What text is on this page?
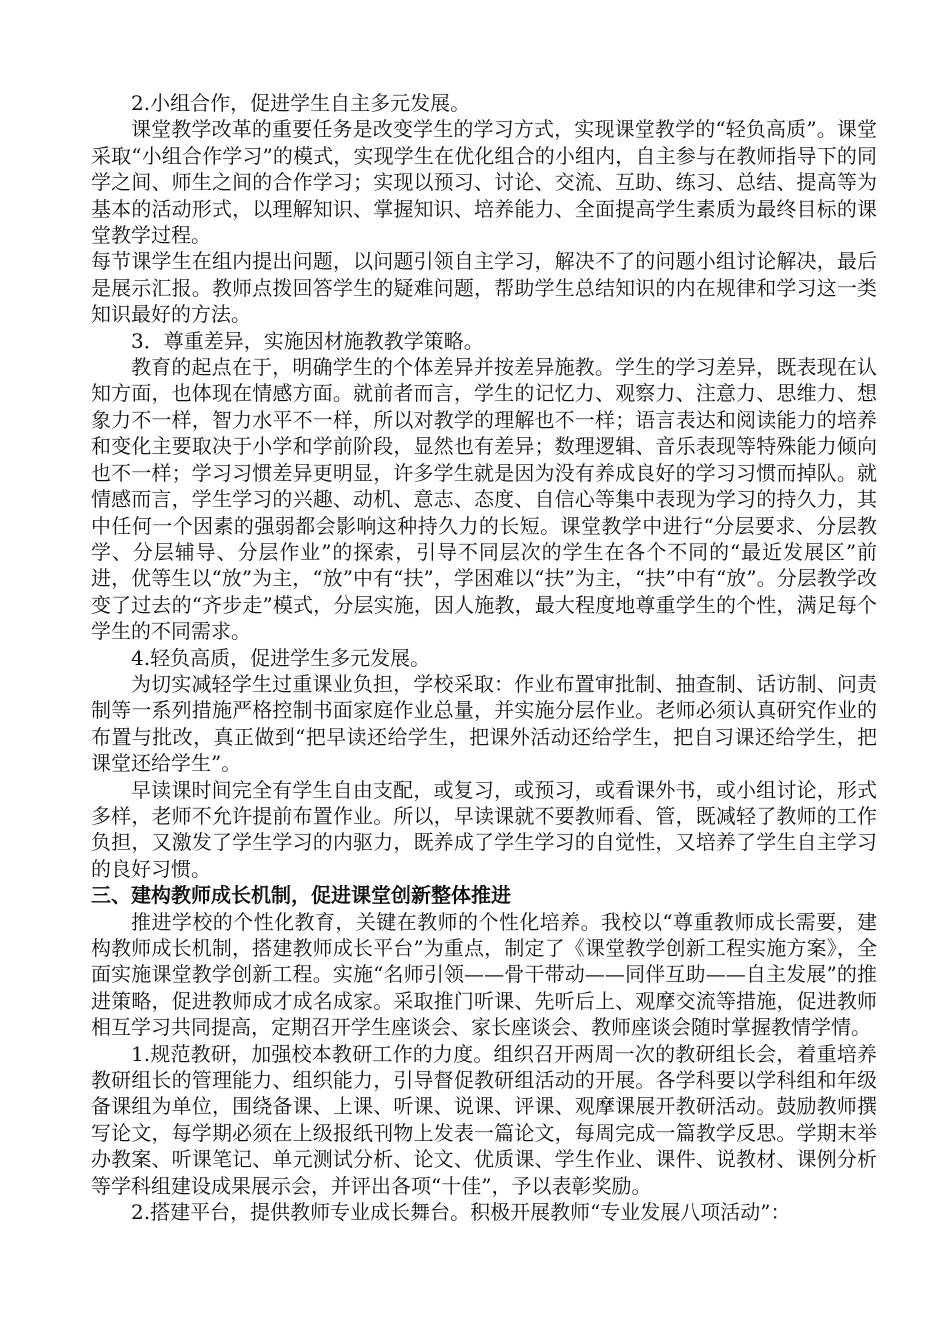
2.小组合作，促进学生自主多元发展。

课堂教学改革的重要任务是改变学生的学习方式，实现课堂教学的“轻负高质”。课堂采取“小组合作学习”的模式，实现学生在优化组合的小组内，自主参与在教师指导下的同学之间、师生之间的合作学习；实现以预习、讨论、交流、互助、练习、总结、提高等为基本的活动形式，以理解知识、掌握知识、培养能力、全面提高学生素质为最终目标的课堂教学过程。

每节课学生在组内提出问题，以问题引领自主学习，解决不了的问题小组讨论解决，最后是展示汇报。教师点拨回答学生的疑难问题，帮助学生总结知识的内在规律和学习这一类知识最好的方法。

3．尊重差异，实施因材施教教学策略。

教育的起点在于，明确学生的个体差异并按差异施教。学生的学习差异，既表现在认知方面，也体现在情感方面。就前者而言，学生的记忆力、观察力、注意力、思维力、想象力不一样，智力水平不一样，所以对教学的理解也不一样；语言表达和阅读能力的培养和变化主要取决于小学和学前阶段，显然也有差异；数理逻辑、音乐表现等特殊能力倾向也不一样；学习习惯差异更明显，许多学生就是因为没有养成良好的学习习惯而掉队。就情感而言，学生学习的兴趣、动机、意志、态度、自信心等集中表现为学习的持久力，其中任何一个因素的强弱都会影响这种持久力的长短。课堂教学中进行“分层要求、分层教学、分层辅导、分层作业”的探索，引导不同层次的学生在各个不同的“最近发展区”前进，优等生以“放”为主，“放”中有“扶”，学困难以“扶”为主，“扶”中有“放”。分层教学改变了过去的“齐步走”模式，分层实施，因人施教，最大程度地尊重学生的个性，满足每个学生的不同需求。

4.轻负高质，促进学生多元发展。

为切实减轻学生过重课业负担，学校采取：作业布置审批制、抽查制、话访制、问责制等一系列措施严格控制书面家庭作业总量，并实施分层作业。老师必须认真研究作业的布置与批改，真正做到“把早读还给学生，把课外活动还给学生，把自习课还给学生，把课堂还给学生”。

早读课时间完全有学生自由支配，或复习，或预习，或看课外书，或小组讨论，形式多样，老师不允许提前布置作业。所以，早读课就不要教师看、管，既减轻了教师的工作负担，又激发了学生学习的内驱力，既养成了学生学习的自觉性，又培养了学生自主学习的良好习惯。

三、建构教师成长机制，促进课堂创新整体推进

推进学校的个性化教育，关键在教师的个性化培养。我校以“尊重教师成长需要，建构教师成长机制，搭建教师成长平台”为重点，制定了《课堂教学创新工程实施方案》，全面实施课堂教学创新工程。实施“名师引领——骨干带动——同伴互助——自主发展”的推进策略，促进教师成才成名成家。采取推门听课、先听后上、观摩交流等措施，促进教师相互学习共同提高，定期召开学生座谈会、家长座谈会、教师座谈会随时掌握教情学情。

1.规范教研，加强校本教研工作的力度。组织召开两周一次的教研组长会，着重培养教研组长的管理能力、组织能力，引导督促教研组活动的开展。各学科要以学科组和年级备课组为单位，围绕备课、上课、听课、说课、评课、观摩课展开教研活动。鼓励教师撰写论文，每学期必须在上级报纸刊物上发表一篇论文，每周完成一篇教学反思。学期末举办教案、听课笔记、单元测试分析、论文、优质课、学生作业、课件、说教材、课例分析等学科组建设成果展示会，并评出各项“十佳”，予以表彰奖励。

2.搭建平台，提供教师专业成长舞台。积极开展教师“专业发展八项活动”：
